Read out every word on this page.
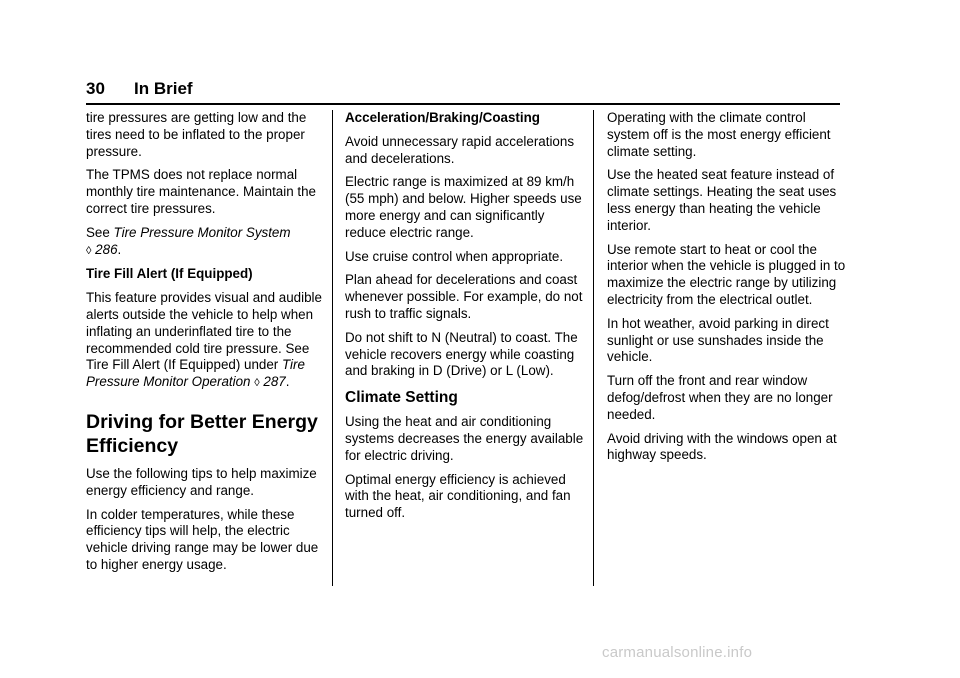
30 In Brief

tire pressures are getting low and the tires need to be inflated to the proper pressure.

The TPMS does not replace normal monthly tire maintenance. Maintain the correct tire pressures.

See Tire Pressure Monitor System
◊ 286.

Tire Fill Alert (If Equipped)

This feature provides visual and audible alerts outside the vehicle to help when inflating an underinflated tire to the recommended cold tire pressure. See Tire Fill Alert (If Equipped) under Tire Pressure Monitor Operation ◊ 287.

Driving for Better Energy Efficiency

Use the following tips to help maximize energy efficiency and range.

In colder temperatures, while these efficiency tips will help, the electric vehicle driving range may be lower due to higher energy usage.

Acceleration/Braking/Coasting

Avoid unnecessary rapid accelerations and decelerations.

Electric range is maximized at 89 km/h (55 mph) and below. Higher speeds use more energy and can significantly reduce electric range.

Use cruise control when appropriate.

Plan ahead for decelerations and coast whenever possible. For example, do not rush to traffic signals.

Do not shift to N (Neutral) to coast. The vehicle recovers energy while coasting and braking in D (Drive) or L (Low).

Climate Setting

Using the heat and air conditioning systems decreases the energy available for electric driving.

Optimal energy efficiency is achieved with the heat, air conditioning, and fan turned off.

Operating with the climate control system off is the most energy efficient climate setting.

Use the heated seat feature instead of climate settings. Heating the seat uses less energy than heating the vehicle interior.

Use remote start to heat or cool the interior when the vehicle is plugged in to maximize the electric range by utilizing electricity from the electrical outlet.

In hot weather, avoid parking in direct sunlight or use sunshades inside the vehicle.

Turn off the front and rear window defog/defrost when they are no longer needed.

Avoid driving with the windows open at highway speeds.

carmanualsonline.info
